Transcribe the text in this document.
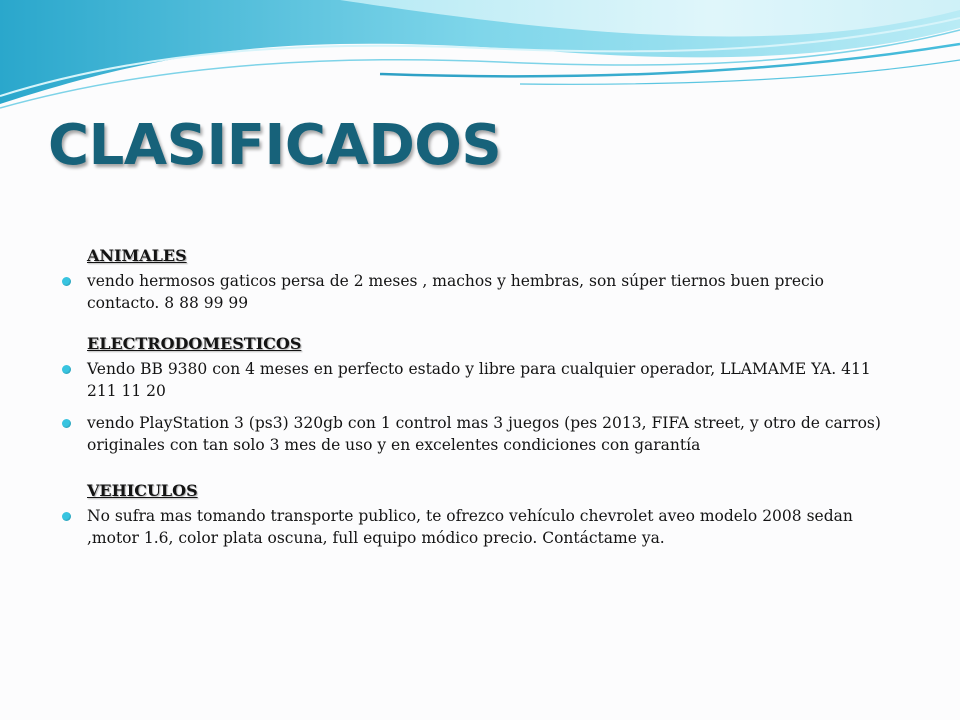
CLASIFICADOS
ANIMALES
vendo hermosos gaticos persa de 2 meses , machos y hembras, son súper tiernos buen precio contacto. 8 88 99 99
ELECTRODOMESTICOS
Vendo BB 9380 con 4 meses en perfecto estado y libre para cualquier operador, LLAMAME YA. 411 211 11 20
vendo PlayStation 3 (ps3) 320gb con 1 control mas 3 juegos (pes 2013, FIFA street, y otro de carros) originales con tan solo 3 mes de uso y en excelentes condiciones con garantía
VEHICULOS
No sufra mas tomando transporte publico, te ofrezco vehículo chevrolet aveo modelo 2008 sedan ,motor 1.6, color plata oscuna, full equipo módico precio. Contáctame ya.
